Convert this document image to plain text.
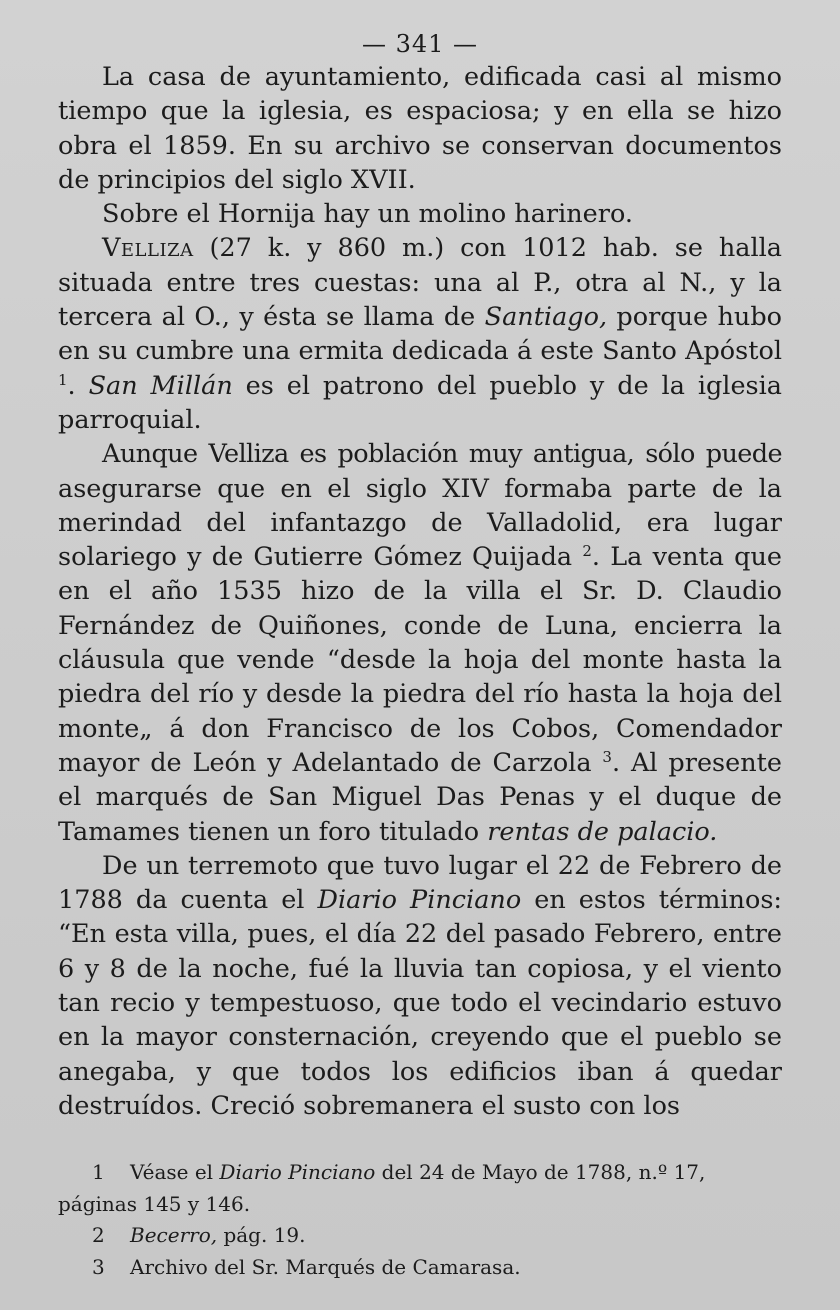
— 341 —

La casa de ayuntamiento, edificada casi al mismo tiempo que la iglesia, es espaciosa; y en ella se hizo obra el 1859. En su archivo se conservan documentos de principios del siglo XVII.

Sobre el Hornija hay un molino harinero.

Velliza (27 k. y 860 m.) con 1012 hab. se halla situada entre tres cuestas: una al P., otra al N., y la tercera al O., y ésta se llama de Santiago, porque hubo en su cumbre una ermita dedicada á este Santo Apóstol $^1$. San Millán es el patrono del pueblo y de la iglesia parroquial.

Aunque Velliza es población muy antigua, sólo puede asegurarse que en el siglo XIV formaba parte de la merindad del infantazgo de Valladolid, era lugar solariego y de Gutierre Gómez Quijada $^2$. La venta que en el año 1535 hizo de la villa el Sr. D. Claudio Fernández de Quiñones, conde de Luna, encierra la cláusula que vende “desde la hoja del monte hasta la piedra del río y desde la piedra del río hasta la hoja del monte„ á don Francisco de los Cobos, Comendador mayor de León y Adelantado de Carzola $^3$. Al presente el marqués de San Miguel Das Penas y el duque de Tamames tienen un foro titulado rentas de palacio.

De un terremoto que tuvo lugar el 22 de Febrero de 1788 da cuenta el Diario Pinciano en estos términos: “En esta villa, pues, el día 22 del pasado Febrero, entre 6 y 8 de la noche, fué la lluvia tan copiosa, y el viento tan recio y tempestuoso, que todo el vecindario estuvo en la mayor consternación, creyendo que el pueblo se anegaba, y que todos los edificios iban á quedar destruídos. Creció sobremanera el susto con los

1 Véase el Diario Pinciano del 24 de Mayo de 1788, n.º 17, páginas 145 y 146.

2 Becerro, pág. 19.

3 Archivo del Sr. Marqués de Camarasa.
